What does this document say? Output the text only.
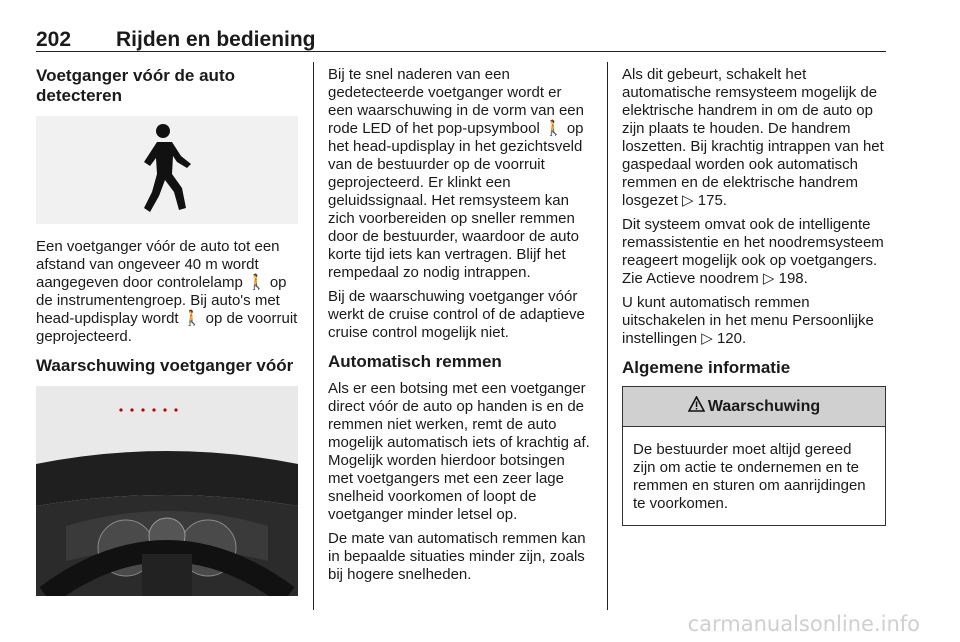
202 Rijden en bediening
Voetganger vóór de auto detecteren

Een voetganger vóór de auto tot een afstand van ongeveer 40 m wordt aangegeven door controlelamp 🚶 op de instrumentengroep. Bij auto's met head-updisplay wordt 🚶 op de voorruit geprojecteerd.

Waarschuwing voetganger vóór

Bij te snel naderen van een gedetecteerde voetganger wordt er een waarschuwing in de vorm van een rode LED of het pop-upsymbool 🚶 op het head-updisplay in het gezichtsveld van de bestuurder op de voorruit geprojecteerd. Er klinkt een geluidssignaal. Het remsysteem kan zich voorbereiden op sneller remmen door de bestuurder, waardoor de auto korte tijd iets kan vertragen. Blijf het rempedaal zo nodig intrappen.

Bij de waarschuwing voetganger vóór werkt de cruise control of de adaptieve cruise control mogelijk niet.

Automatisch remmen

Als er een botsing met een voetganger direct vóór de auto op handen is en de remmen niet werken, remt de auto mogelijk automatisch iets of krachtig af. Mogelijk worden hierdoor botsingen met voetgangers met een zeer lage snelheid voorkomen of loopt de voetganger minder letsel op.

De mate van automatisch remmen kan in bepaalde situaties minder zijn, zoals bij hogere snelheden.

Als dit gebeurt, schakelt het automatische remsysteem mogelijk de elektrische handrem in om de auto op zijn plaats te houden. De handrem loszetten. Bij krachtig intrappen van het gaspedaal worden ook automatisch remmen en de elektrische handrem losgezet ▷ 175.

Dit systeem omvat ook de intelligente remassistentie en het noodremsysteem reageert mogelijk ook op voetgangers. Zie Actieve noodrem ▷ 198.

U kunt automatisch remmen uitschakelen in het menu Persoonlijke instellingen ▷ 120.

Algemene informatie
Waarschuwing

De bestuurder moet altijd gereed zijn om actie te ondernemen en te remmen en sturen om aanrijdingen te voorkomen.

carmanualsonline.info
